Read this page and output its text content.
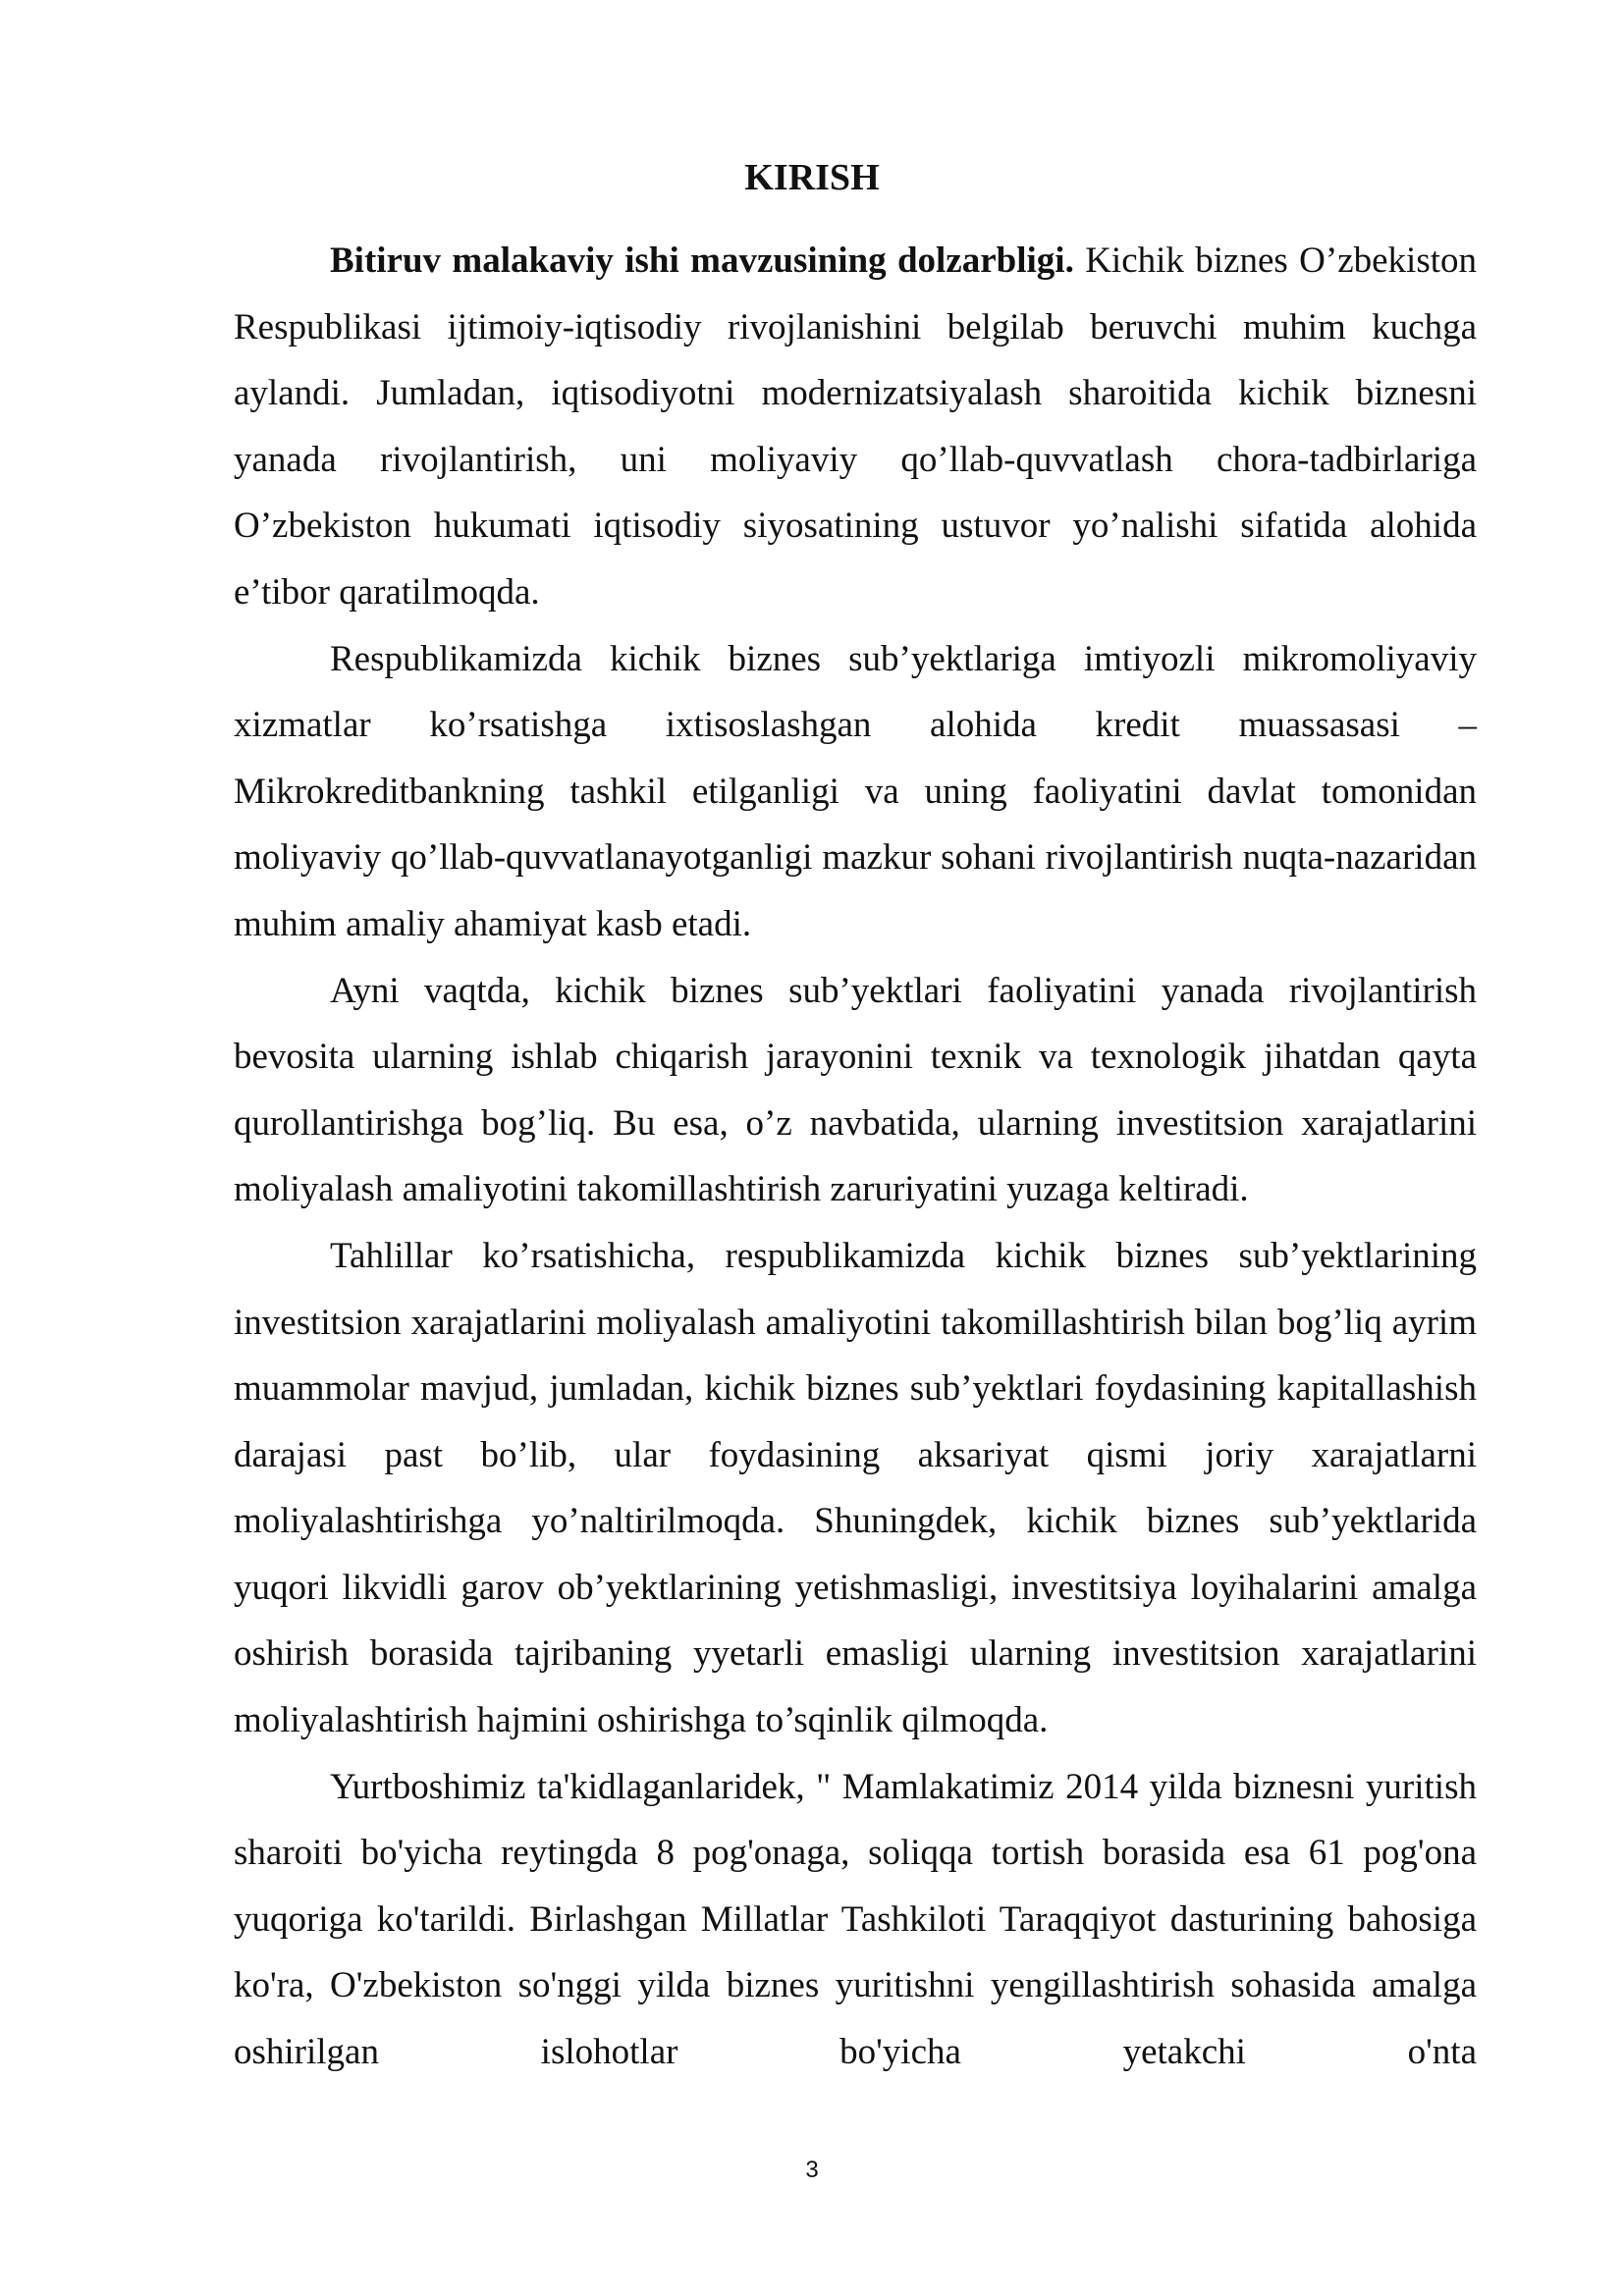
KIRISH

Bitiruv malakaviy ishi mavzusining dolzarbligi. Kichik biznes O’zbekiston Respublikasi ijtimoiy-iqtisodiy rivojlanishini belgilab beruvchi muhim kuchga aylandi. Jumladan, iqtisodiyotni modernizatsiyalash sharoitida kichik biznesni yanada rivojlantirish, uni moliyaviy qo’llab-quvvatlash chora-tadbirlariga O’zbekiston hukumati iqtisodiy siyosatining ustuvor yo’nalishi sifatida alohida e’tibor qaratilmoqda.

Respublikamizda kichik biznes sub’yektlariga imtiyozli mikromoliyaviy xizmatlar ko’rsatishga ixtisoslashgan alohida kredit muassasasi – Mikrokreditbankning tashkil etilganligi va uning faoliyatini davlat tomonidan moliyaviy qo’llab-quvvatlanayotganligi mazkur sohani rivojlantirish nuqta-nazaridan muhim amaliy ahamiyat kasb etadi.

Ayni vaqtda, kichik biznes sub’yektlari faoliyatini yanada rivojlantirish bevosita ularning ishlab chiqarish jarayonini texnik va texnologik jihatdan qayta qurollantirishga bog’liq. Bu esa, o’z navbatida, ularning investitsion xarajatlarini moliyalash amaliyotini takomillashtirish zaruriyatini yuzaga keltiradi.

Tahlillar ko’rsatishicha, respublikamizda kichik biznes sub’yektlarining investitsion xarajatlarini moliyalash amaliyotini takomillashtirish bilan bog’liq ayrim muammolar mavjud, jumladan, kichik biznes sub’yektlari foydasining kapitallashish darajasi past bo’lib, ular foydasining aksariyat qismi joriy xarajatlarni moliyalashtirishga yo’naltirilmoqda. Shuningdek, kichik biznes sub’yektlarida yuqori likvidli garov ob’yektlarining yetishmasligi, investitsiya loyihalarini amalga oshirish borasida tajribaning yyetarli emasligi ularning investitsion xarajatlarini moliyalashtirish hajmini oshirishga to’sqinlik qilmoqda.

Yurtboshimiz ta'kidlaganlaridek, " Mamlakatimiz 2014 yilda biznesni yuritish sharoiti bo'yicha reytingda 8 pog'onaga, soliqqa tortish borasida esa 61 pog'ona yuqoriga ko'tarildi. Birlashgan Millatlar Tashkiloti Taraqqiyot dasturining bahosiga ko'ra, O'zbekiston so'nggi yilda biznes yuritishni yengillashtirish sohasida amalga oshirilgan islohotlar bo'yicha yetakchi o'nta

3
